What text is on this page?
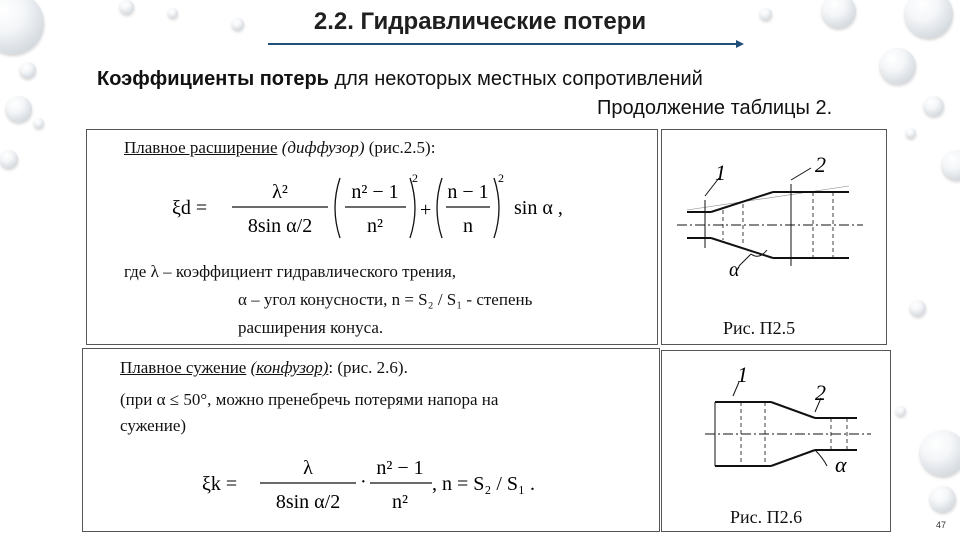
2.2. Гидравлические потери
Коэффициенты потерь для некоторых местных сопротивлений
Продолжение таблицы 2.
Плавное расширение (диффузор) (рис.2.5):
ξd =
λ²
8sin α/2
n² − 1
n²
2
+
n − 1
n
2
sin α ,
где λ – коэффициент гидравлического трения,
α – угол конусности, n = S₂ / S₁ - степень
расширения конуса.
1	2
α
Рис. П2.5
Плавное сужение (конфузор): (рис. 2.6).
(при α ≤ 50°, можно пренебречь потерями напора на
сужение)
ξk =
λ
8sin α/2
·
n² − 1
n²
, n = S₂ / S₁ .
1
2
α
Рис. П2.6	47
